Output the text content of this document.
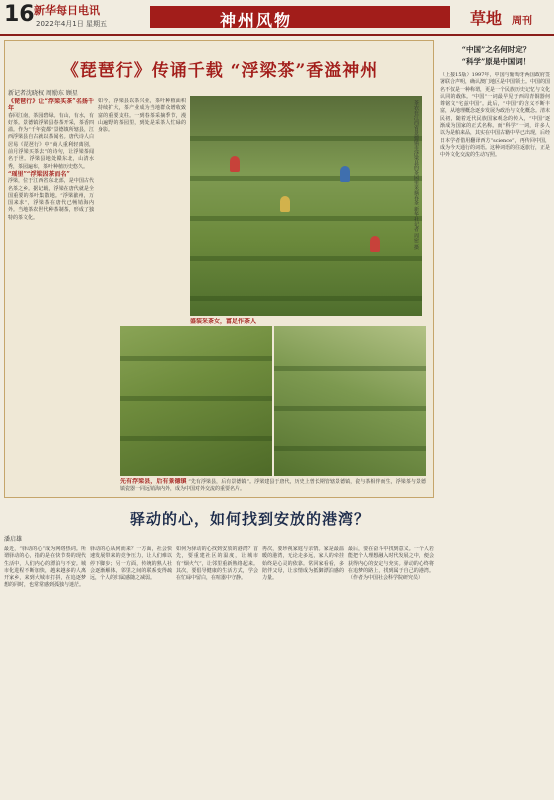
16 新华每日电讯
2022年4月1日 星期五	神州风物	草地 周刊
《琵琶行》传诵千载 “浮梁茶”香溢神州
新记者沈晓权 周励东 顾星
《琵琶行》让“浮梁买茶”名扬千年
春回江南，茶园碧绿。有山，有水，有好茶。景德镇浮梁县春茶开采，茶香四溢。作为“千年瓷都”景德镇所辖县，江西浮梁县自古就以茶闻名。唐代诗人白居易《琵琶行》中“商人重利轻离别，前月浮梁买茶去”的诗句，让浮梁茶闻名于世。浮梁县地处赣东北，山清水秀，茶园遍布，茶叶种植历史悠久。
“瑶里”“浮梁因茶而名”
浮梁，位于江西省东北部，是中国古代名茶之乡。据记载，浮梁在唐代就是全国重要的茶叶集散地。“浮梁歙州，万国来求”，浮梁茶在唐代已畅销海内外。当地茶农世代种茶制茶，形成了独特的茶文化。
如今，浮梁县以茶兴业，茶叶种植面积持续扩大，茶产业成为当地群众增收致富的重要支柱。一到春茶采摘季节，漫山遍野的茶园里，到处是采茶人忙碌的身影。	茶农在江西省景德镇市浮梁县的茶园里采摘春茶 新华社记者 周密 摄
盛装采茶女，富足作茶人
先有浮梁县，后有景德镇 “先有浮梁县，后有景德镇”。浮梁建县于唐代，历史上曾长期管辖景德镇，瓷与茶相伴而生，浮梁茶与景德镇瓷器一同远销海内外，成为中国对外交流的重要名片。
“中国”之名何时定？
“科学”原是中国词！
（上接15版）1997年，中国与葡萄牙两国政府签署联合声明，确认澳门地区是中国领土。中国的国名不仅是一种称谓，更是一个民族历史记忆与文化认同的载体。“中国”一词最早见于西周青铜器何尊铭文“宅兹中国”。此后，“中国”的含义不断丰富，从地理概念逐步发展为政治与文化概念。清末民初，随着近代民族国家观念的传入，“中国”逐渐成为国家的正式名称。而“科学”一词，许多人以为是舶来品，其实在中国古籍中早已出现，后经日本学者借用翻译西方“science”，再传回中国，成为今天通行的词语。这种词语的往返旅行，正是中外文化交流的生动写照。
驿动的心，如何找到安放的港湾？
潘启雄
最近，“驿动的心”成为网络热词。所谓驿动的心，指的是在快节奏的现代生活中，人们内心的漂泊与不安。城市化进程不断加快，越来越多的人离开家乡，来到大城市打拼，在追逐梦想的同时，也常常感到孤独与迷茫。
驿动的心从何而来？一方面，社会快速发展带来的竞争压力，让人们难以停下脚步；另一方面，传统的熟人社会逐渐解体，邻里之间的联系变得疏远，个人的归属感随之减弱。
如何为驿动的心找到安放的港湾？首先，要重建社区的温度，让城市有“烟火气”，让邻里重新熟络起来。其次，要倡导健康的生活方式，学会在忙碌中留白，在喧嚣中守静。
再次，要珍视家庭与亲情。家是最温暖的港湾，无论走多远，家人的牵挂始终是心灵的依靠。常回家看看，多陪伴父母，让亲情成为抵御漂泊感的力量。
最后，要在奋斗中找到意义。一个人若能把个人理想融入时代发展之中，便会获得内心的安定与充实。驿动的心终将在追梦的路上，找到属于自己的港湾。（作者为中国社会科学院研究员）
